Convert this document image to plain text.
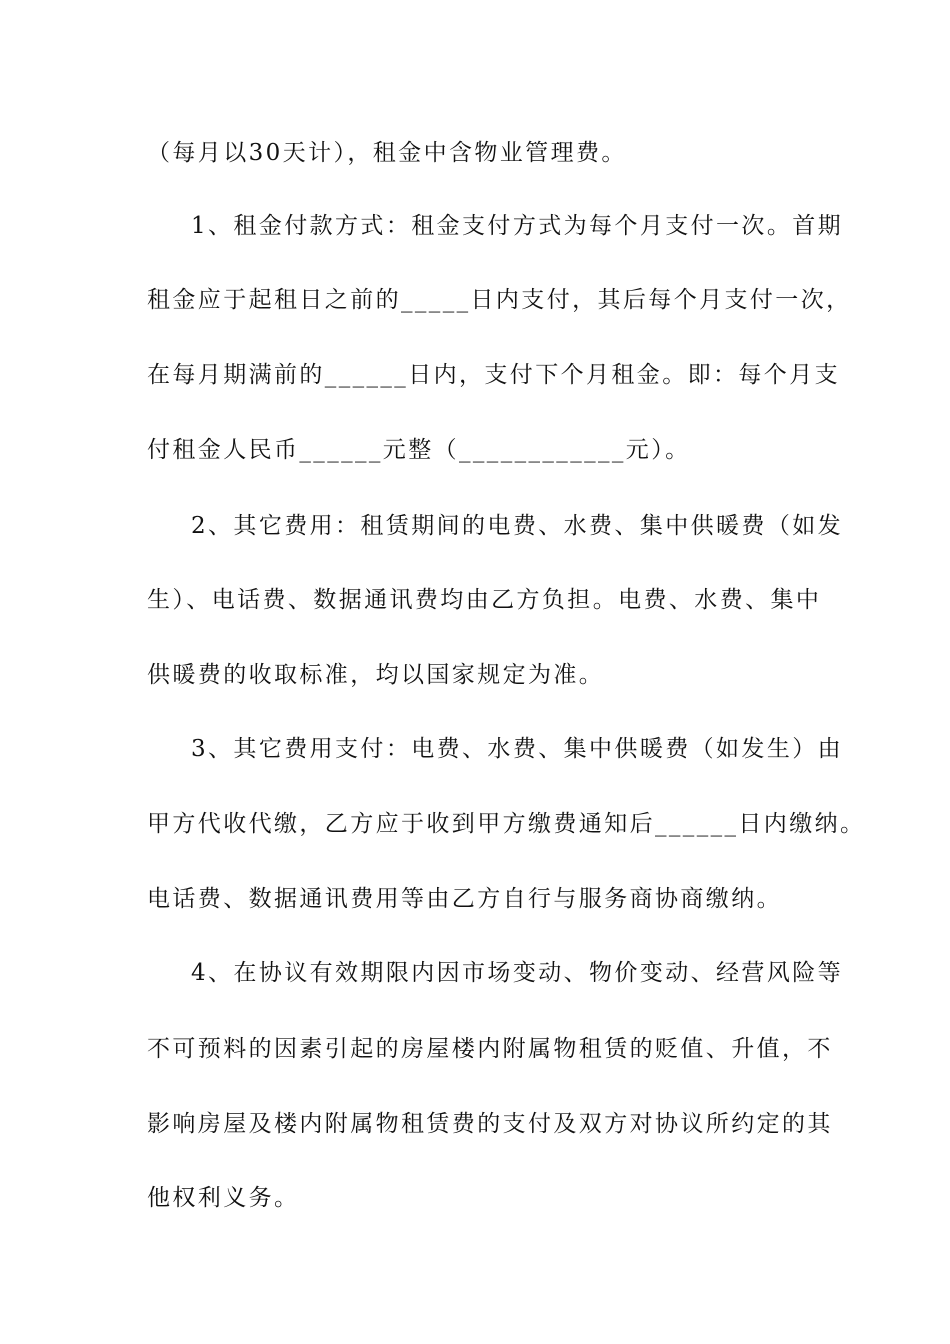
（每月以30天计），租金中含物业管理费。
1、租金付款方式：租金支付方式为每个月支付一次。首期
租金应于起租日之前的_____日内支付，其后每个月支付一次，
在每月期满前的______日内，支付下个月租金。即：每个月支
付租金人民币______元整（____________元）。
2、其它费用：租赁期间的电费、水费、集中供暖费（如发
生）、电话费、数据通讯费均由乙方负担。电费、水费、集中
供暖费的收取标准，均以国家规定为准。
3、其它费用支付：电费、水费、集中供暖费（如发生）由
甲方代收代缴，乙方应于收到甲方缴费通知后______日内缴纳。
电话费、数据通讯费用等由乙方自行与服务商协商缴纳。
4、在协议有效期限内因市场变动、物价变动、经营风险等
不可预料的因素引起的房屋楼内附属物租赁的贬值、升值，不
影响房屋及楼内附属物租赁费的支付及双方对协议所约定的其
他权利义务。
